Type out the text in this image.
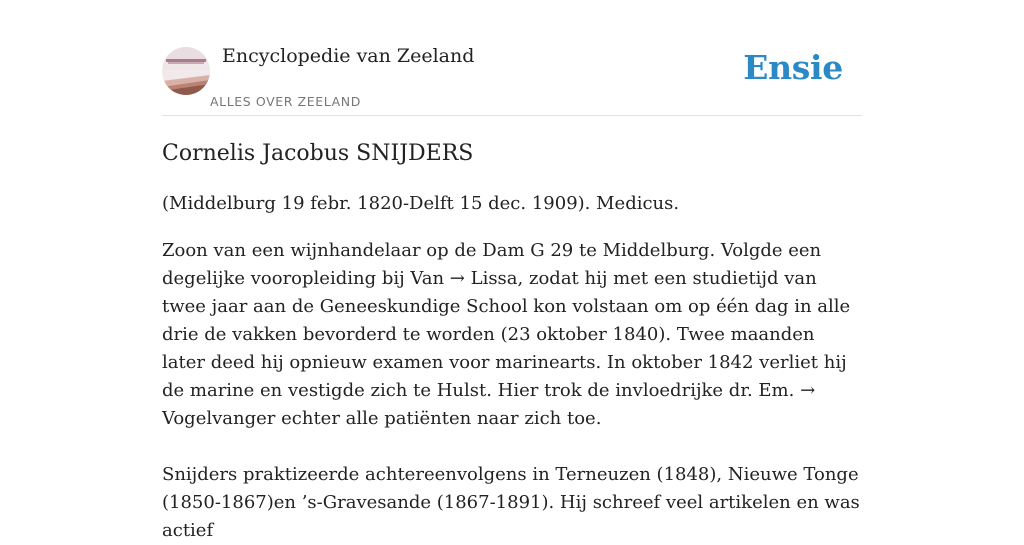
Encyclopedie van Zeeland
ALLES OVER ZEELAND
Ensie
Cornelis Jacobus SNIJDERS

(Middelburg 19 febr. 1820-Delft 15 dec. 1909). Medicus.

Zoon van een wijnhandelaar op de Dam G 29 te Middelburg. Volgde een degelijke vooropleiding bij Van → Lissa, zodat hij met een studietijd van twee jaar aan de Geneeskundige School kon volstaan om op één dag in alle drie de vakken bevorderd te worden (23 oktober 1840). Twee maanden later deed hij opnieuw examen voor marinearts. In oktober 1842 verliet hij de marine en vestigde zich te Hulst. Hier trok de invloedrijke dr. Em. → Vogelvanger echter alle patiënten naar zich toe.

Snijders praktizeerde achtereenvolgens in Terneuzen (1848), Nieuwe Tonge (1850-1867)en ’s-Gravesande (1867-1891). Hij schreef veel artikelen en was actief
